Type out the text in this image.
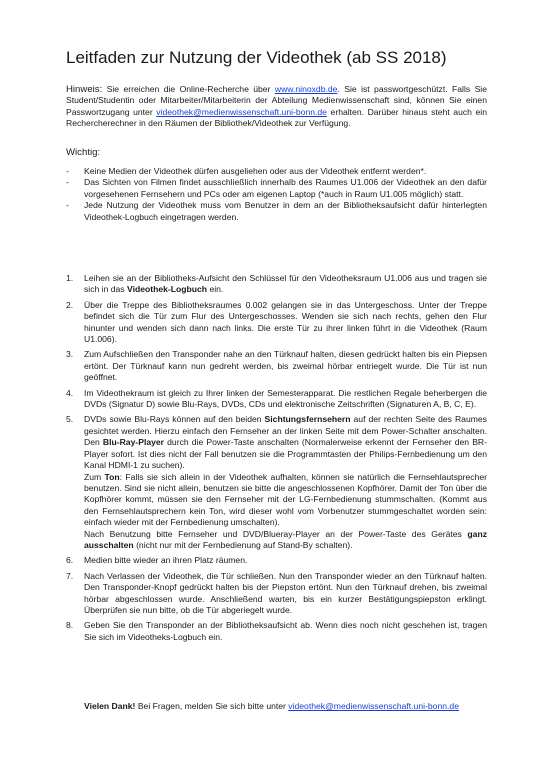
Leitfaden zur Nutzung der Videothek (ab SS 2018)

Hinweis: Sie erreichen die Online-Recherche über www.ninoxdb.de. Sie ist passwortgeschützt. Falls Sie Student/Studentin oder Mitarbeiter/Mitarbeiterin der Abteilung Medienwissenschaft sind, können Sie einen Passwortzugang unter videothek@medienwissenschaft.uni-bonn.de erhalten. Darüber hinaus steht auch ein Rechercherechner in den Räumen der Bibliothek/Videothek zur Verfügung.

Wichtig:

- Keine Medien der Videothek dürfen ausgeliehen oder aus der Videothek entfernt werden*.
- Das Sichten von Filmen findet ausschließlich innerhalb des Raumes U1.006 der Videothek an den dafür vorgesehenen Fernsehern und PCs oder am eigenen Laptop (*auch in Raum U1.005 möglich) statt.
- Jede Nutzung der Videothek muss vom Benutzer in dem an der Bibliotheksaufsicht dafür hinterlegten Videothek-Logbuch eingetragen werden.
1. Leihen sie an der Bibliotheks-Aufsicht den Schlüssel für den Videotheksraum U1.006 aus und tragen sie sich in das Videothek-Logbuch ein.

2. Über die Treppe des Bibliotheksraumes 0.002 gelangen sie in das Untergeschoss. Unter der Treppe befindet sich die Tür zum Flur des Untergeschosses. Wenden sie sich nach rechts, gehen den Flur hinunter und wenden sich dann nach links. Die erste Tür zu ihrer linken führt in die Videothek (Raum U1.006).

3. Zum Aufschließen den Transponder nahe an den Türknauf halten, diesen gedrückt halten bis ein Piepsen ertönt. Der Türknauf kann nun gedreht werden, bis zweimal hörbar entriegelt wurde. Die Tür ist nun geöffnet.

4. Im Videothekraum ist gleich zu Ihrer linken der Semesterapparat. Die restlichen Regale beherbergen die DVDs (Signatur D) sowie Blu-Rays, DVDs, CDs und elektronische Zeitschriften (Signaturen A, B, C, E).

5. DVDs sowie Blu-Rays können auf den beiden Sichtungsfernsehern auf der rechten Seite des Raumes gesichtet werden. Hierzu einfach den Fernseher an der linken Seite mit dem Power-Schalter anschalten. Den Blu-Ray-Player durch die Power-Taste anschalten (Normalerweise erkennt der Fernseher den BR-Player sofort. Ist dies nicht der Fall benutzen sie die Programmtasten der Philips-Fernbedienung um den Kanal HDMI-1 zu suchen).

Zum Ton: Falls sie sich allein in der Videothek aufhalten, können sie natürlich die Fernsehlautsprecher benutzen. Sind sie nicht allein, benutzen sie bitte die angeschlossenen Kopfhörer. Damit der Ton über die Kopfhörer kommt, müssen sie den Fernseher mit der LG-Fernbedienung stummschalten. (Kommt aus den Fernsehlautsprechern kein Ton, wird dieser wohl vom Vorbenutzer stummgeschaltet worden sein: einfach wieder mit der Fernbedienung umschalten).

Nach Benutzung bitte Fernseher und DVD/Blueray-Player an der Power-Taste des Gerätes ganz ausschalten (nicht nur mit der Fernbedienung auf Stand-By schalten).

6. Medien bitte wieder an ihren Platz räumen.

7. Nach Verlassen der Videothek, die Tür schließen. Nun den Transponder wieder an den Türknauf halten. Den Transponder-Knopf gedrückt halten bis der Piepston ertönt. Nun den Türknauf drehen, bis zweimal hörbar abgeschlossen wurde. Anschließend warten, bis ein kurzer Bestätigungspiepston erklingt. Überprüfen sie nun bitte, ob die Tür abgeriegelt wurde.

8. Geben Sie den Transponder an der Bibliotheksaufsicht ab. Wenn dies noch nicht geschehen ist, tragen Sie sich im Videotheks-Logbuch ein.

Vielen Dank! Bei Fragen, melden Sie sich bitte unter videothek@medienwissenschaft.uni-bonn.de
